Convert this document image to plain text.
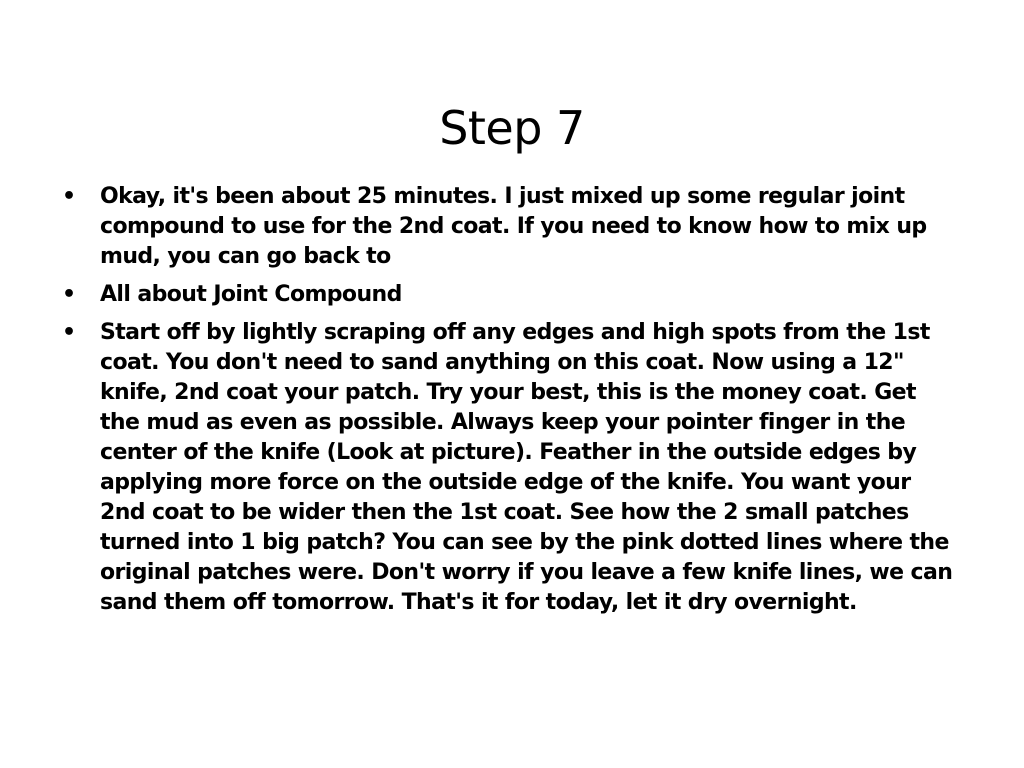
Step 7
• Okay, it's been about 25 minutes. I just mixed up some regular joint compound to use for the 2nd coat. If you need to know how to mix up mud, you can go back to
• All about Joint Compound
• Start off by lightly scraping off any edges and high spots from the 1st coat. You don't need to sand anything on this coat. Now using a 12" knife, 2nd coat your patch. Try your best, this is the money coat. Get the mud as even as possible. Always keep your pointer finger in the center of the knife (Look at picture). Feather in the outside edges by applying more force on the outside edge of the knife. You want your 2nd coat to be wider then the 1st coat. See how the 2 small patches turned into 1 big patch? You can see by the pink dotted lines where the original patches were. Don't worry if you leave a few knife lines, we can sand them off tomorrow. That's it for today, let it dry overnight.
